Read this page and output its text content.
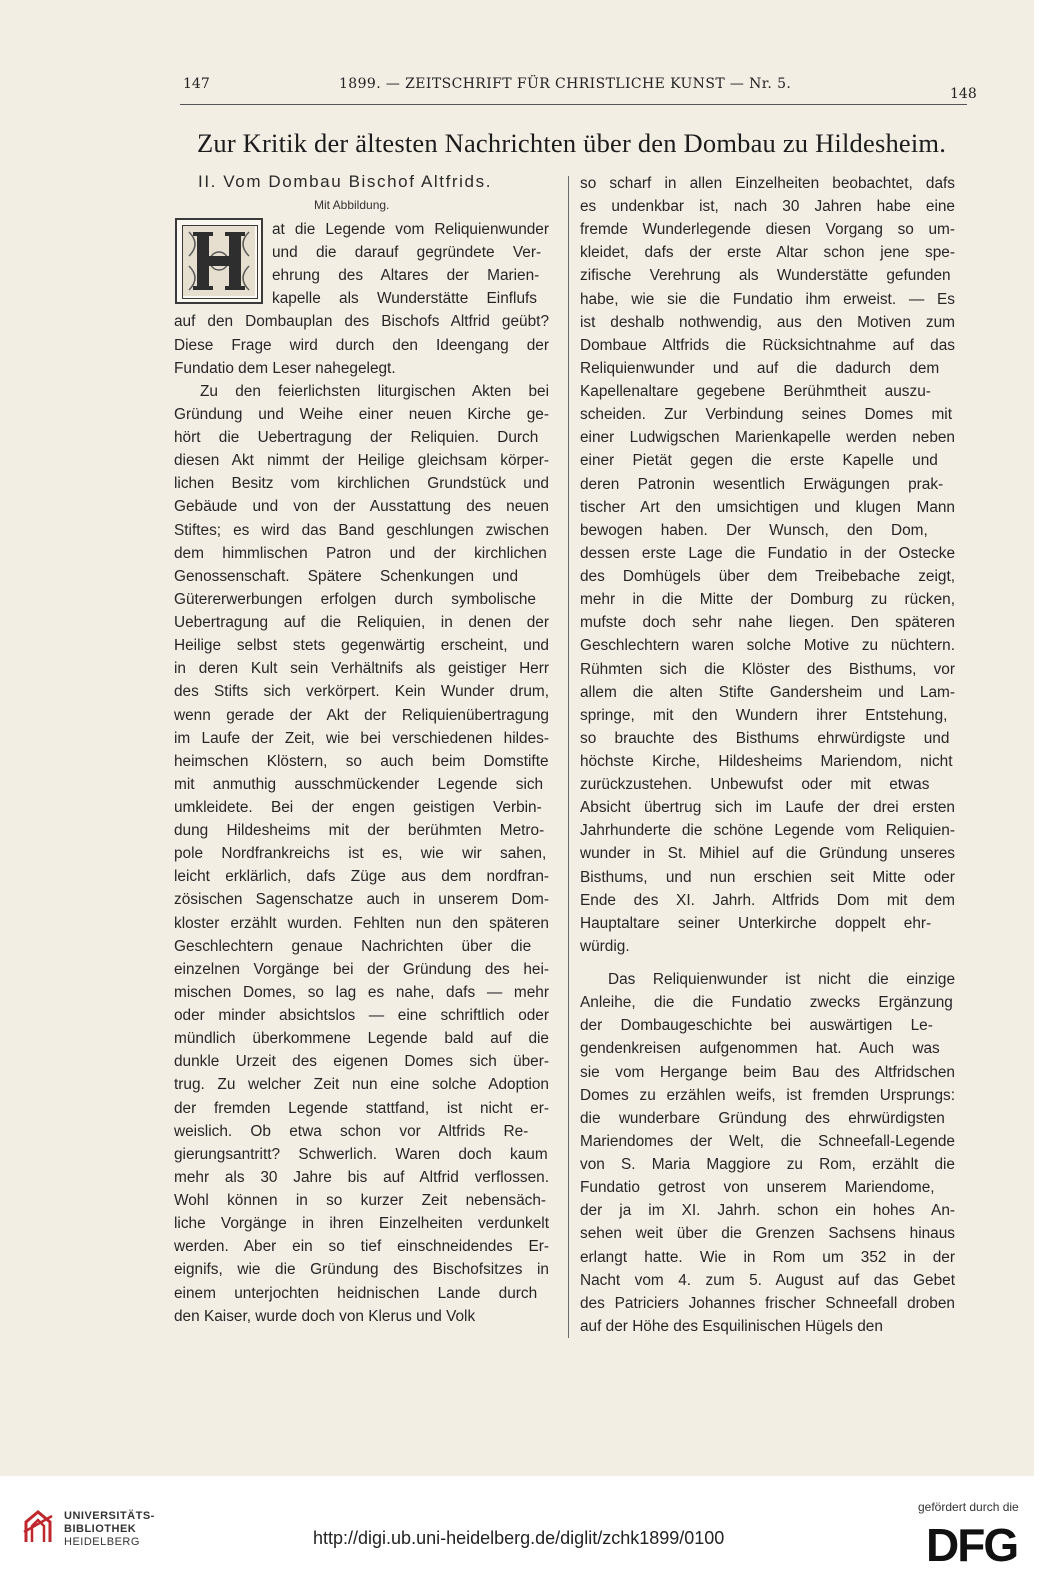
147	1899. — ZEITSCHRIFT FÜR CHRISTLICHE KUNST — Nr. 5.
148
Zur Kritik der ältesten Nachrichten über den Dombau zu Hildesheim.
II. Vom Dombau Bischof Altfrids.
Mit Abbildung.
at die Legende vom Reliquienwunder
und die darauf gegründete Ver-
ehrung des Altares der Marien-
kapelle als Wunderstätte Einflufs
auf den Dombauplan des Bischofs Altfrid geübt?
Diese Frage wird durch den Ideengang der
Fundatio dem Leser nahegelegt.
Zu den feierlichsten liturgischen Akten bei
Gründung und Weihe einer neuen Kirche ge-
hört die Uebertragung der Reliquien. Durch
diesen Akt nimmt der Heilige gleichsam körper-
lichen Besitz vom kirchlichen Grundstück und
Gebäude und von der Ausstattung des neuen
Stiftes; es wird das Band geschlungen zwischen
dem himmlischen Patron und der kirchlichen
Genossenschaft. Spätere Schenkungen und
Gütererwerbungen erfolgen durch symbolische
Uebertragung auf die Reliquien, in denen der
Heilige selbst stets gegenwärtig erscheint, und
in deren Kult sein Verhältnifs als geistiger Herr
des Stifts sich verkörpert. Kein Wunder drum,
wenn gerade der Akt der Reliquienübertragung
im Laufe der Zeit, wie bei verschiedenen hildes-
heimschen Klöstern, so auch beim Domstifte
mit anmuthig ausschmückender Legende sich
umkleidete. Bei der engen geistigen Verbin-
dung Hildesheims mit der berühmten Metro-
pole Nordfrankreichs ist es, wie wir sahen,
leicht erklärlich, dafs Züge aus dem nordfran-
zösischen Sagenschatze auch in unserem Dom-
kloster erzählt wurden. Fehlten nun den späteren
Geschlechtern genaue Nachrichten über die
einzelnen Vorgänge bei der Gründung des hei-
mischen Domes, so lag es nahe, dafs — mehr
oder minder absichtslos — eine schriftlich oder
mündlich überkommene Legende bald auf die
dunkle Urzeit des eigenen Domes sich über-
trug. Zu welcher Zeit nun eine solche Adoption
der fremden Legende stattfand, ist nicht er-
weislich. Ob etwa schon vor Altfrids Re-
gierungsantritt? Schwerlich. Waren doch kaum
mehr als 30 Jahre bis auf Altfrid verflossen.
Wohl können in so kurzer Zeit nebensäch-
liche Vorgänge in ihren Einzelheiten verdunkelt
werden. Aber ein so tief einschneidendes Er-
eignifs, wie die Gründung des Bischofsitzes in
einem unterjochten heidnischen Lande durch
den Kaiser, wurde doch von Klerus und Volk
so scharf in allen Einzelheiten beobachtet, dafs
es undenkbar ist, nach 30 Jahren habe eine
fremde Wunderlegende diesen Vorgang so um-
kleidet, dafs der erste Altar schon jene spe-
zifische Verehrung als Wunderstätte gefunden
habe, wie sie die Fundatio ihm erweist. — Es
ist deshalb nothwendig, aus den Motiven zum
Dombaue Altfrids die Rücksichtnahme auf das
Reliquienwunder und auf die dadurch dem
Kapellenaltare gegebene Berühmtheit auszu-
scheiden. Zur Verbindung seines Domes mit
einer Ludwigschen Marienkapelle werden neben
einer Pietät gegen die erste Kapelle und
deren Patronin wesentlich Erwägungen prak-
tischer Art den umsichtigen und klugen Mann
bewogen haben. Der Wunsch, den Dom,
dessen erste Lage die Fundatio in der Ostecke
des Domhügels über dem Treibebache zeigt,
mehr in die Mitte der Domburg zu rücken,
mufste doch sehr nahe liegen. Den späteren
Geschlechtern waren solche Motive zu nüchtern.
Rühmten sich die Klöster des Bisthums, vor
allem die alten Stifte Gandersheim und Lam-
springe, mit den Wundern ihrer Entstehung,
so brauchte des Bisthums ehrwürdigste und
höchste Kirche, Hildesheims Mariendom, nicht
zurückzustehen. Unbewufst oder mit etwas
Absicht übertrug sich im Laufe der drei ersten
Jahrhunderte die schöne Legende vom Reliquien-
wunder in St. Mihiel auf die Gründung unseres
Bisthums, und nun erschien seit Mitte oder
Ende des XI. Jahrh. Altfrids Dom mit dem
Hauptaltare seiner Unterkirche doppelt ehr-
würdig.
Das Reliquienwunder ist nicht die einzige
Anleihe, die die Fundatio zwecks Ergänzung
der Dombaugeschichte bei auswärtigen Le-
gendenkreisen aufgenommen hat. Auch was
sie vom Hergange beim Bau des Altfridschen
Domes zu erzählen weifs, ist fremden Ursprungs:
die wunderbare Gründung des ehrwürdigsten
Mariendomes der Welt, die Schneefall-Legende
von S. Maria Maggiore zu Rom, erzählt die
Fundatio getrost von unserem Mariendome,
der ja im XI. Jahrh. schon ein hohes An-
sehen weit über die Grenzen Sachsens hinaus
erlangt hatte. Wie in Rom um 352 in der
Nacht vom 4. zum 5. August auf das Gebet
des Patriciers Johannes frischer Schneefall droben
auf der Höhe des Esquilinischen Hügels den
UNIVERSITÄTS-
BIBLIOTHEK
HEIDELBERG	http://digi.ub.uni-heidelberg.de/diglit/zchk1899/0100
gefördert durch die
DFG
